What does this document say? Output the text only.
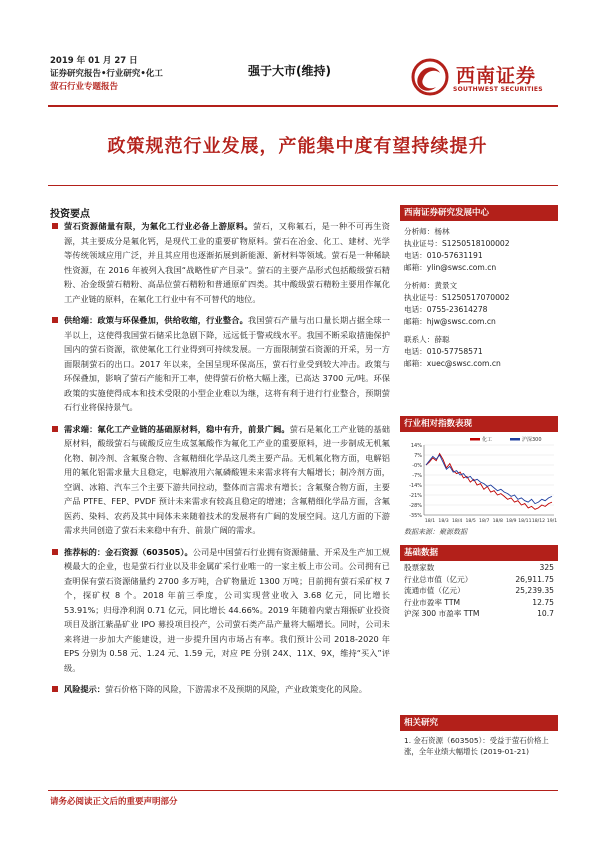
2019 年 01 月 27 日
证券研究报告•行业研究•化工
萤石行业专题报告
强于大市(维持)	西南证券
SOUTHWEST SECURITIES
政策规范行业发展，产能集中度有望持续提升
投资要点

萤石资源储量有限，为氟化工行业必备上游原料。萤石，又称氟石，是一种不可再生资源，其主要成分是氟化钙，是现代工业的重要矿物原料。萤石在冶金、化工、建材、光学等传统领域应用广泛，并且其应用也逐渐拓展到新能源、新材料等领域。萤石是一种稀缺性资源，在 2016 年被列入我国“战略性矿产目录”。萤石的主要产品形式包括酸级萤石精粉、冶金级萤石精粉、高品位萤石精粉和普通原矿四类。其中酸级萤石精粉主要用作氟化工产业链的原料，在氟化工行业中有不可替代的地位。

供给端：政策与环保叠加，供给收缩，行业整合。我国萤石产量与出口量长期占据全球一半以上，这使得我国萤石储采比急剧下降，远远低于警戒线水平。我国不断采取措施保护国内的萤石资源，欲使氟化工行业得到可持续发展。一方面限制萤石资源的开采，另一方面限制萤石的出口。2017 年以来，全国呈现环保高压，萤石行业受到较大冲击。政策与环保叠加，影响了萤石产能和开工率，使得萤石价格大幅上涨，已高达 3700 元/吨。环保政策的实施使得成本和技术受限的小型企业难以为继，这将有利于进行行业整合，预期萤石行业将保持景气。

需求端：氟化工产业链的基础原材料，稳中有升，前景广阔。萤石是氟化工产业链的基础原材料，酸级萤石与硫酸反应生成氢氟酸作为氟化工产业的重要原料，进一步制成无机氟化物、制冷剂、含氟聚合物、含氟精细化学品这几类主要产品。无机氟化物方面，电解铝用的氟化铝需求量大且稳定，电解液用六氟磷酸锂未来需求将有大幅增长；制冷剂方面，空调、冰箱、汽车三个主要下游共同拉动，整体而言需求有增长；含氟聚合物方面，主要产品 PTFE、FEP、PVDF 预计未来需求有较高且稳定的增速；含氟精细化学品方面，含氟医药、染料、农药及其中间体未来随着技术的发展将有广阔的发展空间。这几方面的下游需求共同创造了萤石未来稳中有升、前景广阔的需求。

推荐标的：金石资源（603505）。公司是中国萤石行业拥有资源储量、开采及生产加工规模最大的企业，也是萤石行业以及非金属矿采行业唯一的一家主板上市公司。公司拥有已查明保有萤石资源储量约 2700 多万吨，合矿物量近 1300 万吨；目前拥有萤石采矿权 7 个，探矿权 8 个。2018 年前三季度，公司实现营业收入 3.68 亿元，同比增长 53.91%；归母净利润 0.71 亿元，同比增长 44.66%。2019 年随着内蒙古翔振矿业投资项目及浙江紫晶矿业 IPO 募投项目投产，公司萤石类产品产量将大幅增长。同时，公司未来将进一步加大产能建设，进一步提升国内市场占有率。我们预计公司 2018-2020 年 EPS 分别为 0.58 元、1.24 元、1.59 元，对应 PE 分别 24X、11X、9X，维持“买入”评级。

风险提示：萤石价格下降的风险，下游需求不及预期的风险，产业政策变化的风险。

西南证券研究发展中心
分析师：杨林
执业证号：S1250518100002
电话：010-57631191
邮箱：ylin@swsc.com.cn
分析师：黄景文
执业证号：S1250517070002
电话：0755-23614278
邮箱：hjw@swsc.com.cn
联系人：薛聪
电话：010-57758571
邮箱：xuec@swsc.com.cn
行业相对指数表现
14%
7%
-0%
-7%
-14%
-21%
-28%
-35%
18/1 18/3 18/4 18/5 18/7 18/8 18/9 18/11 18/12 19/1
化工	沪深300
数据来源：聚源数据
基础数据
股票家数	325
行业总市值（亿元）	26,911.75
流通市值（亿元）	25,239.35
行业市盈率 TTM	12.75
沪深 300 市盈率 TTM	10.7
相关研究
1. 金石资源（603505）：受益于萤石价格上涨，全年业绩大幅增长 (2019-01-21)
请务必阅读正文后的重要声明部分
